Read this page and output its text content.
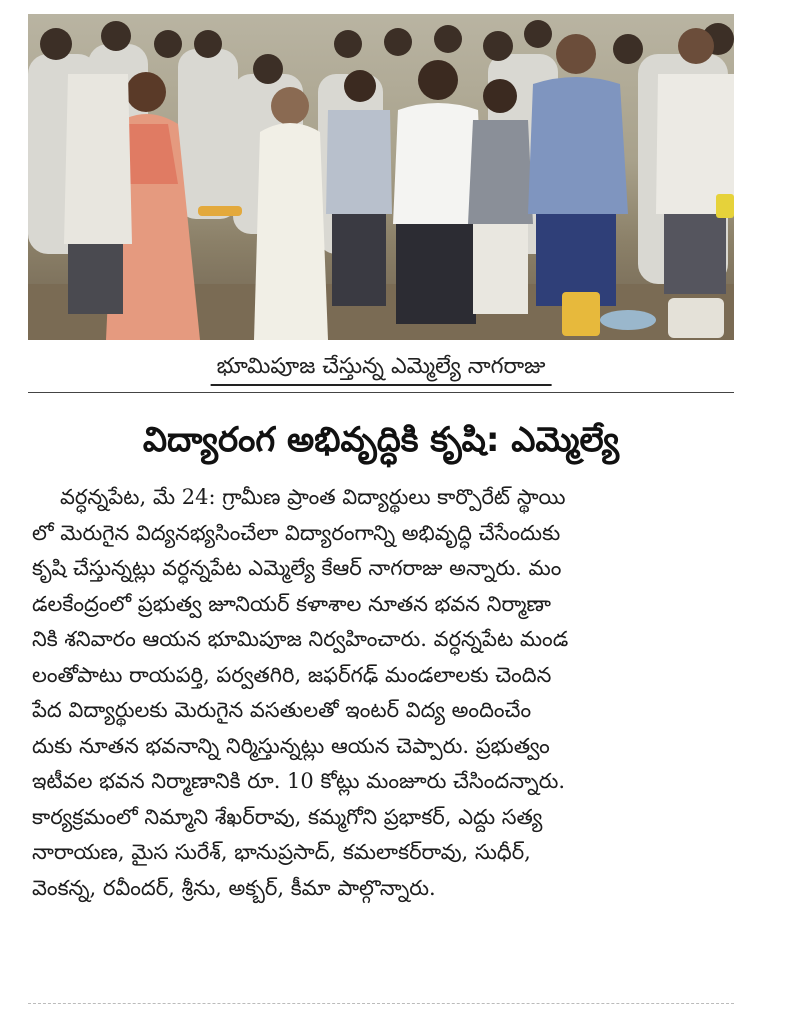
భూమిపూజ చేస్తున్న ఎమ్మెల్యే నాగరాజు
విద్యారంగ అభివృద్ధికి కృషి: ఎమ్మెల్యే
వర్ధన్నపేట, మే 24: గ్రామీణ ప్రాంత విద్యార్థులు కార్పొరేట్ స్థాయి
లో మెరుగైన విద్యనభ్యసించేలా విద్యారంగాన్ని అభివృద్ధి చేసేందుకు
కృషి చేస్తున్నట్లు వర్ధన్నపేట ఎమ్మెల్యే కేఆర్ నాగరాజు అన్నారు. మం
డలకేంద్రంలో ప్రభుత్వ జూనియర్ కళాశాల నూతన భవన నిర్మాణా
నికి శనివారం ఆయన భూమిపూజ నిర్వహించారు. వర్ధన్నపేట మండ
లంతోపాటు రాయపర్తి, పర్వతగిరి, జఫర్‌గఢ్ మండలాలకు చెందిన
పేద విద్యార్థులకు మెరుగైన వసతులతో ఇంటర్ విద్య అందించేం
దుకు నూతన భవనాన్ని నిర్మిస్తున్నట్లు ఆయన చెప్పారు. ప్రభుత్వం
ఇటీవల భవన నిర్మాణానికి రూ. 10 కోట్లు మంజూరు చేసిందన్నారు.
కార్యక్రమంలో నిమ్మాని శేఖర్‌రావు, కమ్మగోని ప్రభాకర్, ఎద్దు సత్య
నారాయణ, మైస సురేశ్, భానుప్రసాద్, కమలాకర్‌రావు, సుధీర్,
వెంకన్న, రవీందర్, శ్రీను, అక్బర్, కీమా పాల్గొన్నారు.
